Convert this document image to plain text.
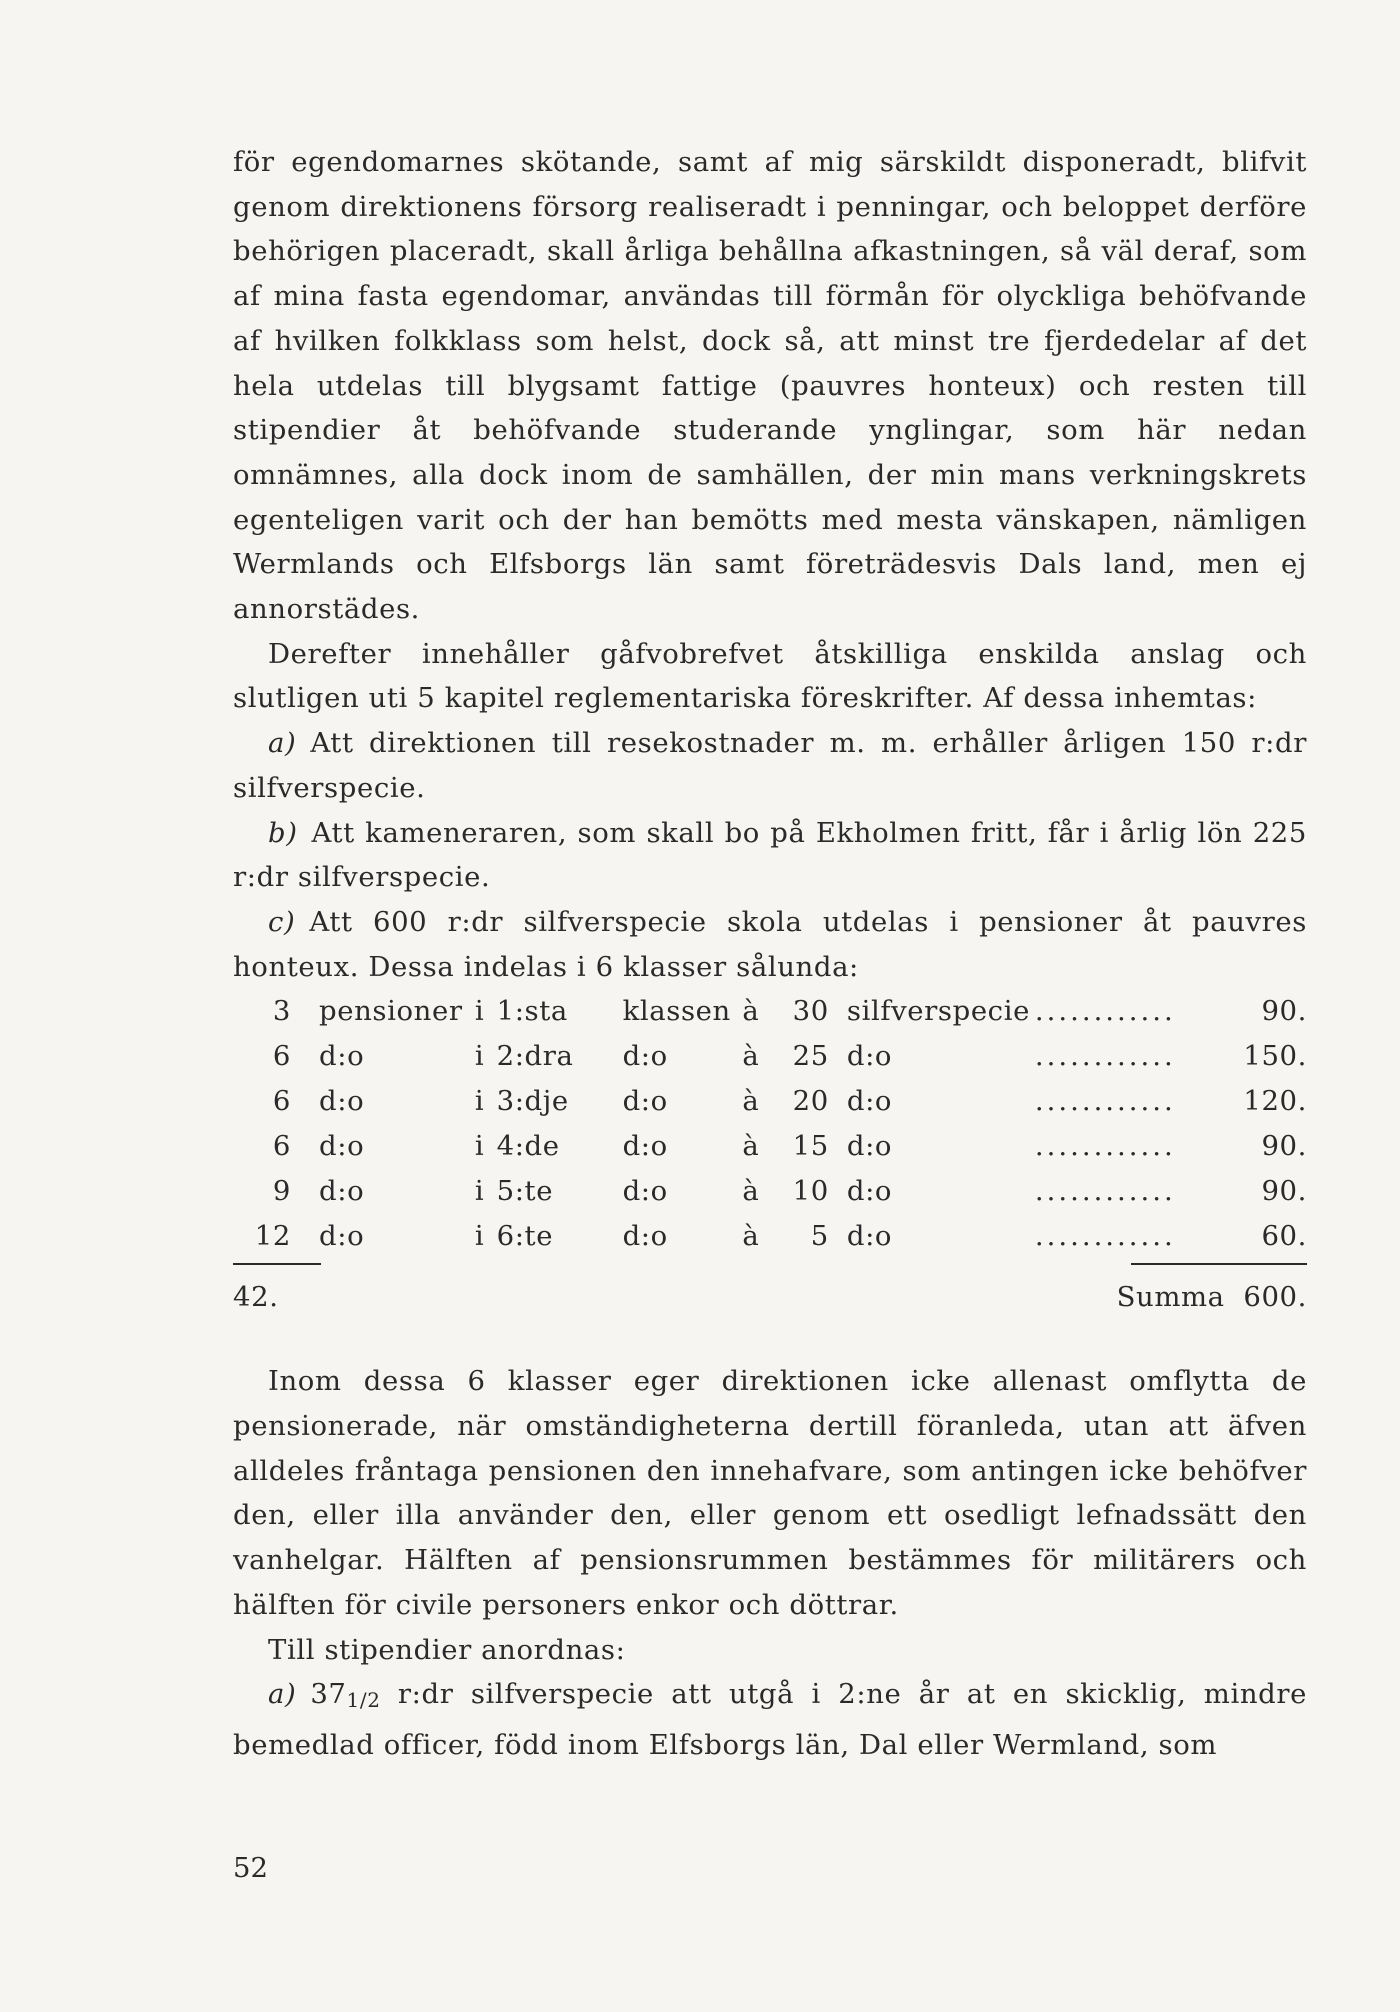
för egendomarnes skötande, samt af mig särskildt disponeradt, blifvit genom direktionens försorg realiseradt i penningar, och beloppet derföre behörigen placeradt, skall årliga behållna afkastningen, så väl deraf, som af mina fasta egendomar, användas till förmån för olyckliga behöfvande af hvilken folkklass som helst, dock så, att minst tre fjerdedelar af det hela utdelas till blygsamt fattige (pauvres honteux) och resten till stipendier åt behöfvande studerande ynglingar, som här nedan omnämnes, alla dock inom de samhällen, der min mans verkningskrets egenteligen varit och der han bemötts med mesta vänskapen, nämligen Wermlands och Elfsborgs län samt företrädesvis Dals land, men ej annorstädes.

Derefter innehåller gåfvobrefvet åtskilliga enskilda anslag och slutligen uti 5 kapitel reglementariska föreskrifter. Af dessa inhemtas:

a) Att direktionen till resekostnader m. m. erhåller årligen 150 r:dr silfverspecie.

b) Att kameneraren, som skall bo på Ekholmen fritt, får i årlig lön 225 r:dr silfverspecie.

c) Att 600 r:dr silfverspecie skola utdelas i pensioner åt pauvres honteux. Dessa indelas i 6 klasser sålunda:

3	pensioner	i	1:sta	klassen	à	30	silfverspecie	............	90.
6	d:o	i	2:dra	d:o	à	25	d:o	............	150.
6	d:o	i	3:dje	d:o	à	20	d:o	............	120.
6	d:o	i	4:de	d:o	à	15	d:o	............	90.
9	d:o	i	5:te	d:o	à	10	d:o	............	90.
12	d:o	i	6:te	d:o	à	5	d:o	............	60.
42.	Summa 600.

Inom dessa 6 klasser eger direktionen icke allenast omflytta de pensionerade, när omständigheterna dertill föranleda, utan att äfven alldeles fråntaga pensionen den innehafvare, som antingen icke behöfver den, eller illa använder den, eller genom ett osedligt lefnadssätt den vanhelgar. Hälften af pensionsrummen bestämmes för militärers och hälften för civile personers enkor och döttrar.

Till stipendier anordnas:

a) $37_{1/2}$ r:dr silfverspecie att utgå i 2:ne år at en skicklig, mindre bemedlad officer, född inom Elfsborgs län, Dal eller Wermland, som

52
